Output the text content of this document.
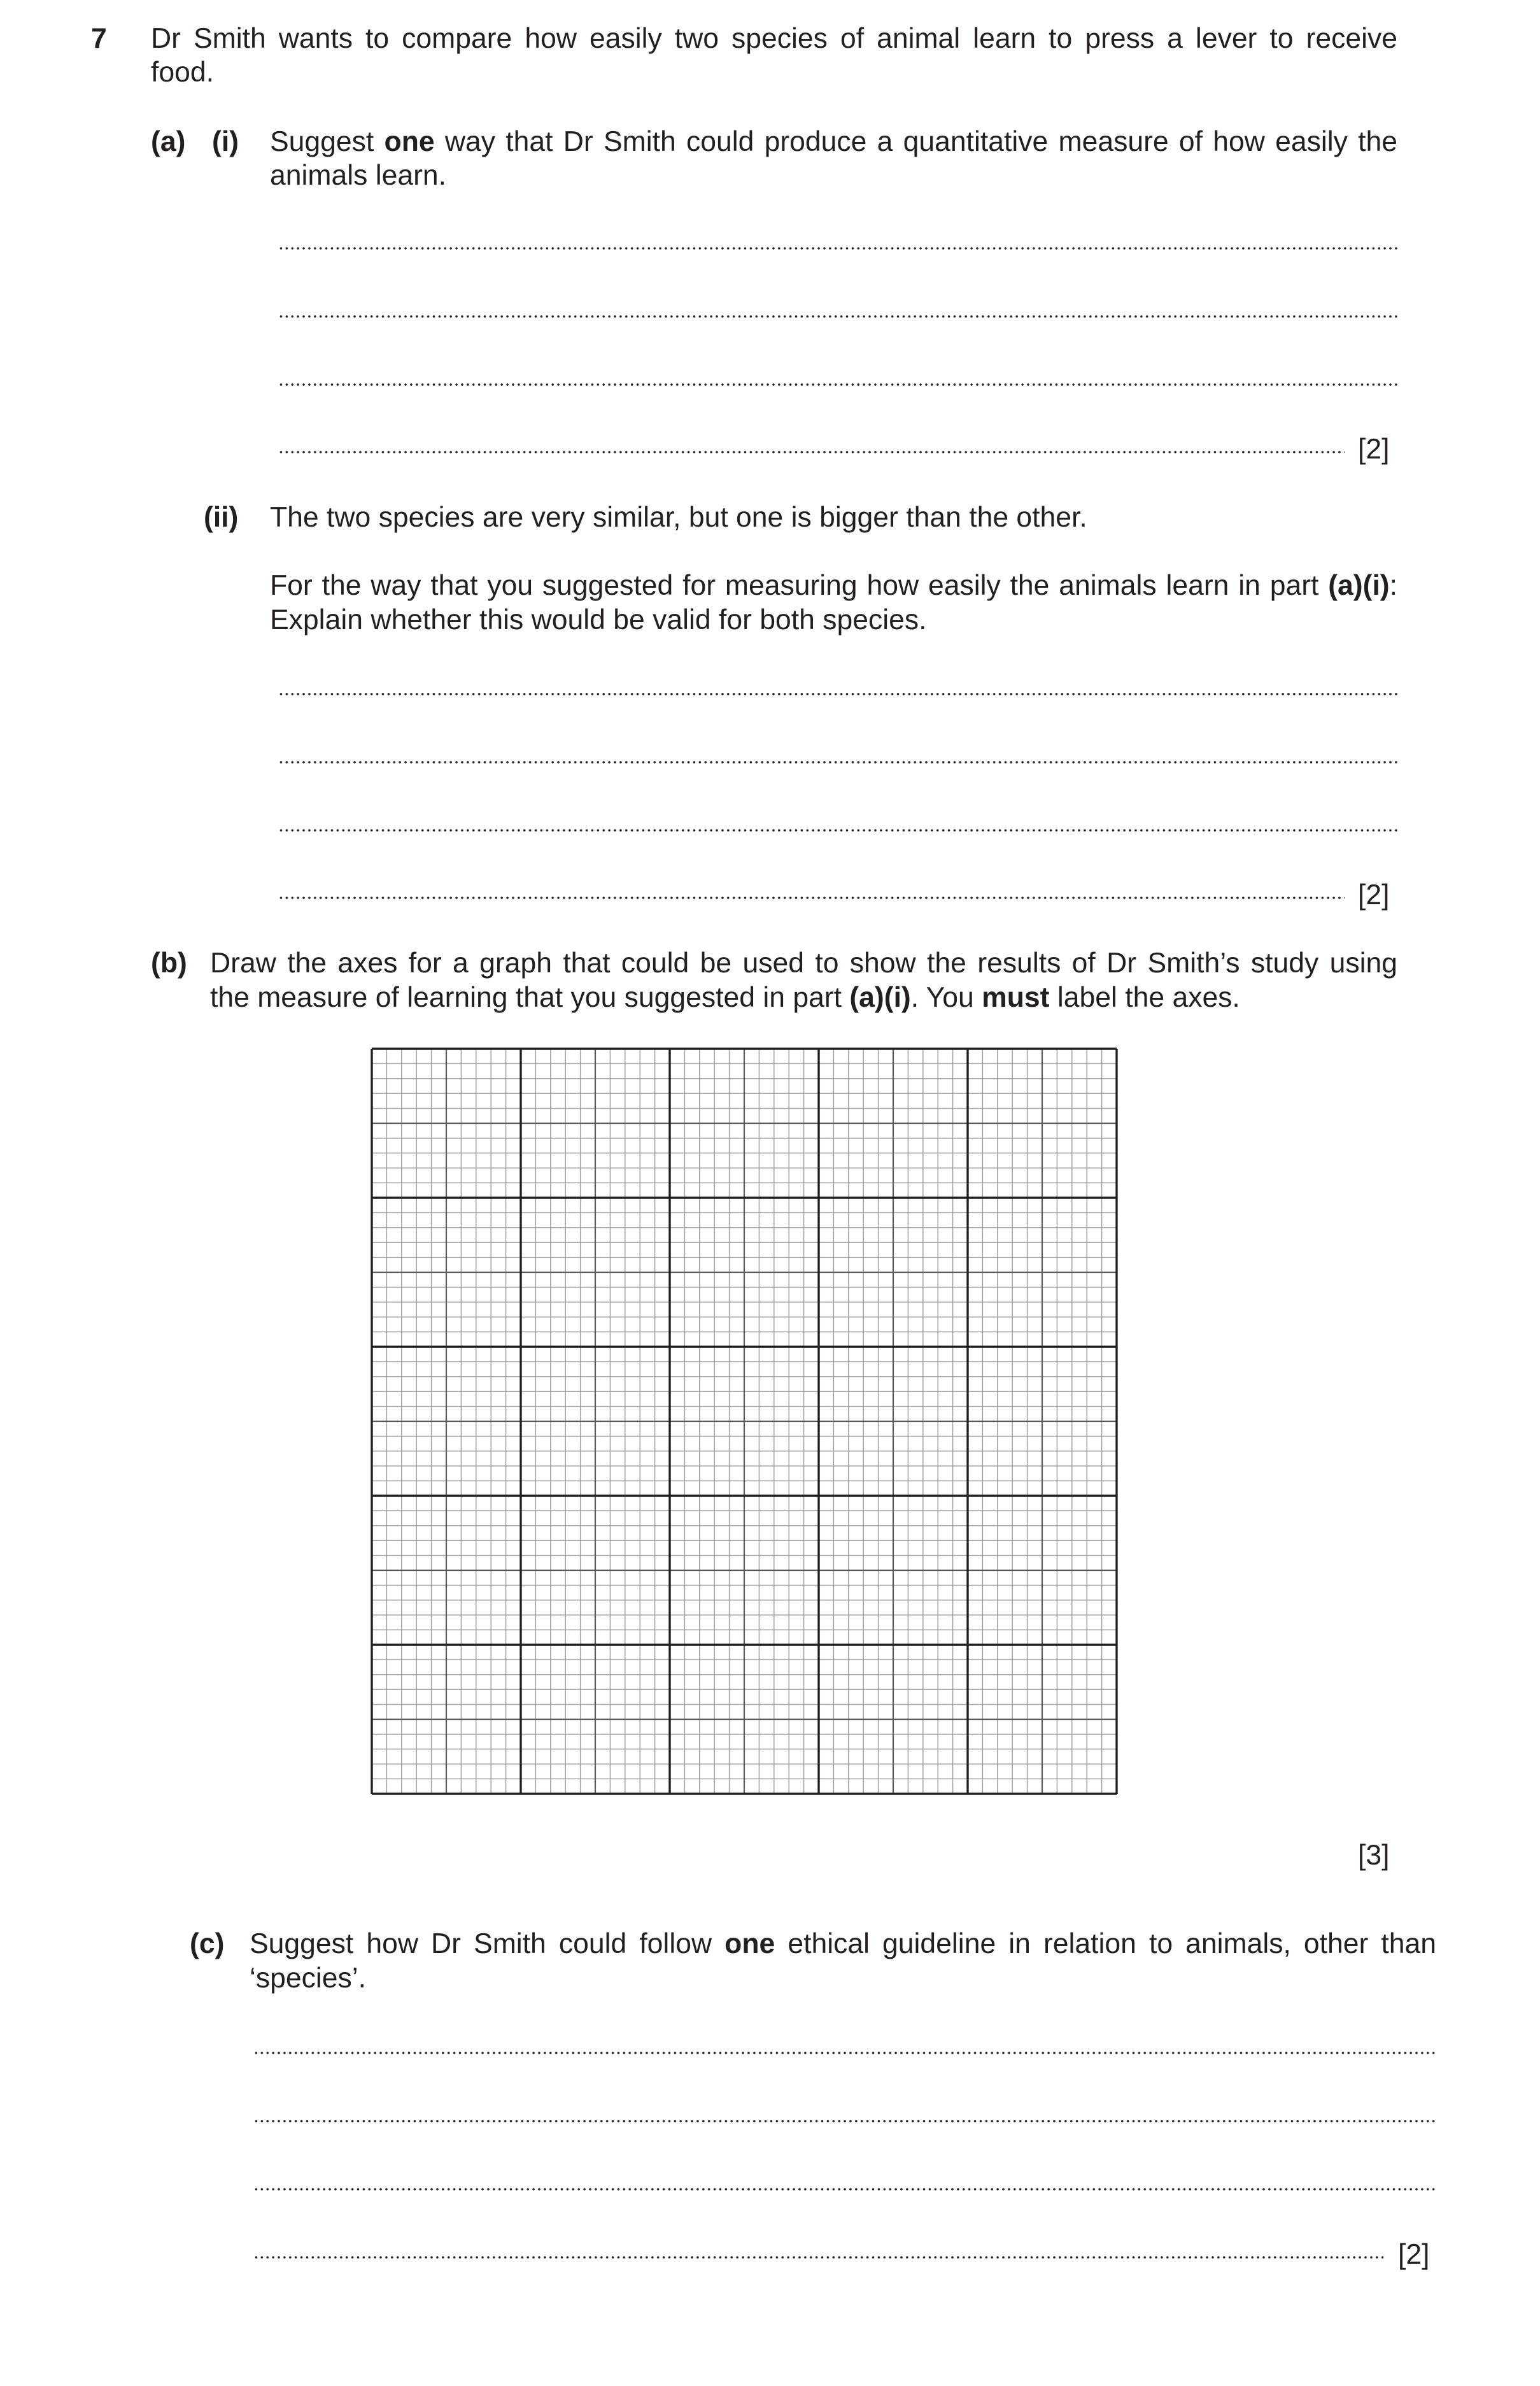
7 Dr Smith wants to compare how easily two species of animal learn to press a lever to receive
food.
(a) (i) Suggest one way that Dr Smith could produce a quantitative measure of how easily the
animals learn.
[2]
(ii) The two species are very similar, but one is bigger than the other.
For the way that you suggested for measuring how easily the animals learn in part (a)(i):
Explain whether this would be valid for both species.
[2]
(b) Draw the axes for a graph that could be used to show the results of Dr Smith’s study using
the measure of learning that you suggested in part (a)(i). You must label the axes.
[3]
(c) Suggest how Dr Smith could follow one ethical guideline in relation to animals, other than
‘species’.
[2]
